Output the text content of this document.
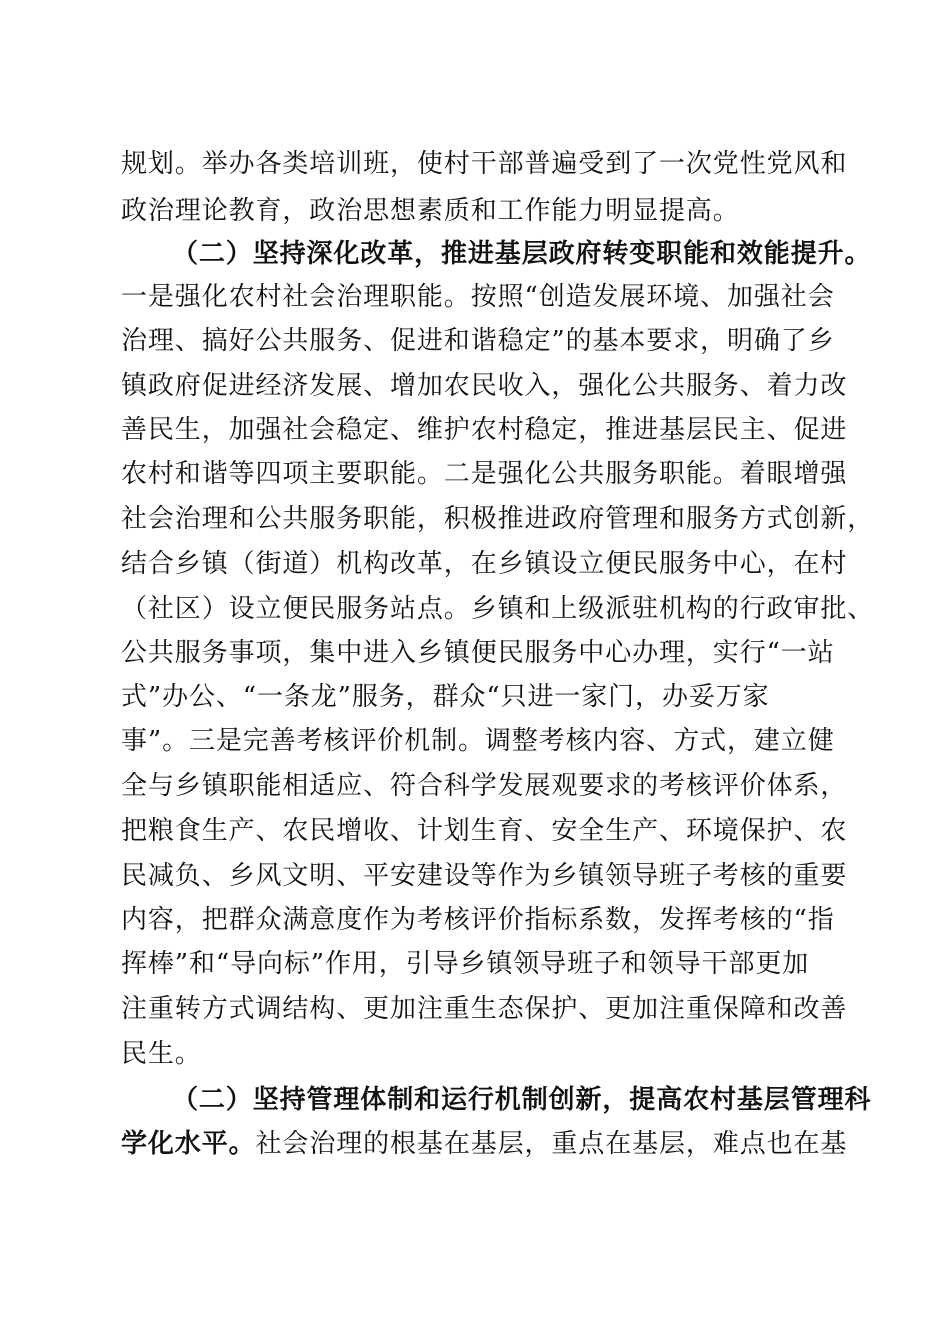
规划。举办各类培训班，使村干部普遍受到了一次党性党风和
政治理论教育，政治思想素质和工作能力明显提高。
（二）坚持深化改革，推进基层政府转变职能和效能提升。
一是强化农村社会治理职能。按照“创造发展环境、加强社会
治理、搞好公共服务、促进和谐稳定”的基本要求，明确了乡
镇政府促进经济发展、增加农民收入，强化公共服务、着力改
善民生，加强社会稳定、维护农村稳定，推进基层民主、促进
农村和谐等四项主要职能。二是强化公共服务职能。着眼增强
社会治理和公共服务职能，积极推进政府管理和服务方式创新，
结合乡镇（街道）机构改革，在乡镇设立便民服务中心，在村
（社区）设立便民服务站点。乡镇和上级派驻机构的行政审批、
公共服务事项，集中进入乡镇便民服务中心办理，实行“一站
式”办公、“一条龙”服务，群众“只进一家门，办妥万家
事”。三是完善考核评价机制。调整考核内容、方式，建立健
全与乡镇职能相适应、符合科学发展观要求的考核评价体系，
把粮食生产、农民增收、计划生育、安全生产、环境保护、农
民减负、乡风文明、平安建设等作为乡镇领导班子考核的重要
内容，把群众满意度作为考核评价指标系数，发挥考核的“指
挥棒”和“导向标”作用，引导乡镇领导班子和领导干部更加
注重转方式调结构、更加注重生态保护、更加注重保障和改善
民生。
（二）坚持管理体制和运行机制创新，提高农村基层管理科
学化水平。社会治理的根基在基层，重点在基层，难点也在基
